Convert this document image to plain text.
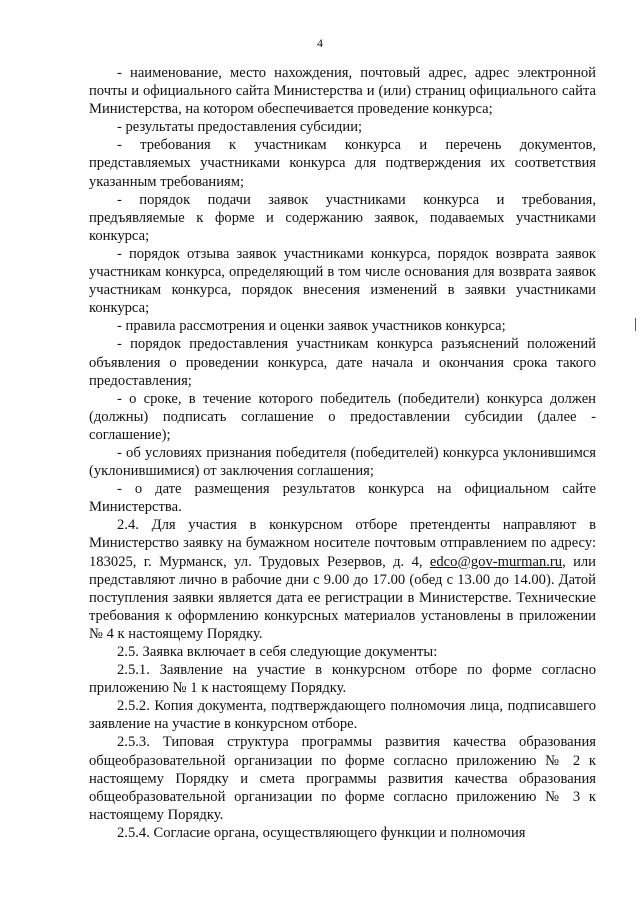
4

- наименование, место нахождения, почтовый адрес, адрес электронной почты и официального сайта Министерства и (или) страниц официального сайта Министерства, на котором обеспечивается проведение конкурса;

- результаты предоставления субсидии;

- требования к участникам конкурса и перечень документов, представляемых участниками конкурса для подтверждения их соответствия указанным требованиям;

- порядок подачи заявок участниками конкурса и требования, предъявляемые к форме и содержанию заявок, подаваемых участниками конкурса;

- порядок отзыва заявок участниками конкурса, порядок возврата заявок участникам конкурса, определяющий в том числе основания для возврата заявок участникам конкурса, порядок внесения изменений в заявки участниками конкурса;

- правила рассмотрения и оценки заявок участников конкурса;

- порядок предоставления участникам конкурса разъяснений положений объявления о проведении конкурса, дате начала и окончания срока такого предоставления;

- о сроке, в течение которого победитель (победители) конкурса должен (должны) подписать соглашение о предоставлении субсидии (далее - соглашение);

- об условиях признания победителя (победителей) конкурса уклонившимся (уклонившимися) от заключения соглашения;

- о дате размещения результатов конкурса на официальном сайте Министерства.

2.4. Для участия в конкурсном отборе претенденты направляют в Министерство заявку на бумажном носителе почтовым отправлением по адресу: 183025, г. Мурманск, ул. Трудовых Резервов, д. 4, edco@gov-murman.ru, или представляют лично в рабочие дни с 9.00 до 17.00 (обед с 13.00 до 14.00). Датой поступления заявки является дата ее регистрации в Министерстве. Технические требования к оформлению конкурсных материалов установлены в приложении № 4 к настоящему Порядку.

2.5. Заявка включает в себя следующие документы:

2.5.1. Заявление на участие в конкурсном отборе по форме согласно приложению № 1 к настоящему Порядку.

2.5.2. Копия документа, подтверждающего полномочия лица, подписавшего заявление на участие в конкурсном отборе.

2.5.3. Типовая структура программы развития качества образования общеобразовательной организации по форме согласно приложению № 2 к настоящему Порядку и смета программы развития качества образования общеобразовательной организации по форме согласно приложению № 3 к настоящему Порядку.

2.5.4. Согласие органа, осуществляющего функции и полномочия
